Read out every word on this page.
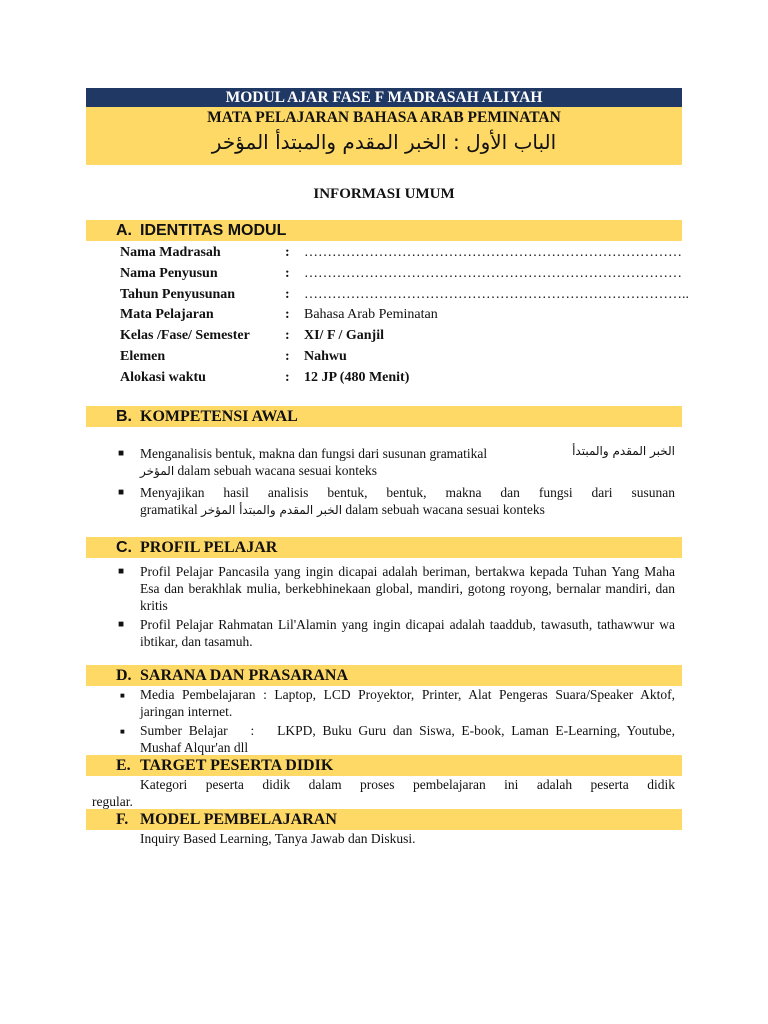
MODUL AJAR FASE F MADRASAH ALIYAH
MATA PELAJARAN BAHASA ARAB PEMINATAN
الباب الأول : الخبر المقدم والمبتدأ المؤخر
INFORMASI UMUM
A. IDENTITAS MODUL
Nama Madrasah	: ………………………………………………………………………
Nama Penyusun	: ………………………………………………………………………
Tahun Penyusunan	: ………………………………………………………………………..
Mata Pelajaran	: Bahasa Arab Peminatan
Kelas /Fase/ Semester	: XI/ F / Ganjil
Elemen	: Nahwu
Alokasi waktu	: 12 JP (480 Menit)
B. KOMPETENSI AWAL
■ Menganalisis bentuk, makna dan fungsi dari susunan gramatikal	الخبر المقدم والمبتدأ
المؤخر dalam sebuah wacana sesuai konteks
■ Menyajikan hasil analisis bentuk, bentuk, makna dan fungsi dari susunan
gramatikal الخبر المقدم والمبتدأ المؤخر dalam sebuah wacana sesuai konteks
C. PROFIL PELAJAR
■ Profil Pelajar Pancasila yang ingin dicapai adalah beriman, bertakwa kepada Tuhan Yang Maha Esa dan berakhlak mulia, berkebhinekaan global, mandiri, gotong royong, bernalar mandiri, dan kritis
■ Profil Pelajar Rahmatan Lil'Alamin yang ingin dicapai adalah taaddub, tawasuth, tathawwur wa ibtikar, dan tasamuh.
D. SARANA DAN PRASARANA
■ Media Pembelajaran : Laptop, LCD Proyektor, Printer, Alat Pengeras Suara/Speaker Aktof, jaringan internet.
■ Sumber Belajar : LKPD, Buku Guru dan Siswa, E-book, Laman E-Learning, Youtube, Mushaf Alqur'an dll
E. TARGET PESERTA DIDIK
Kategori peserta didik dalam proses pembelajaran ini adalah peserta didik
regular.
F. MODEL PEMBELAJARAN
Inquiry Based Learning, Tanya Jawab dan Diskusi.
